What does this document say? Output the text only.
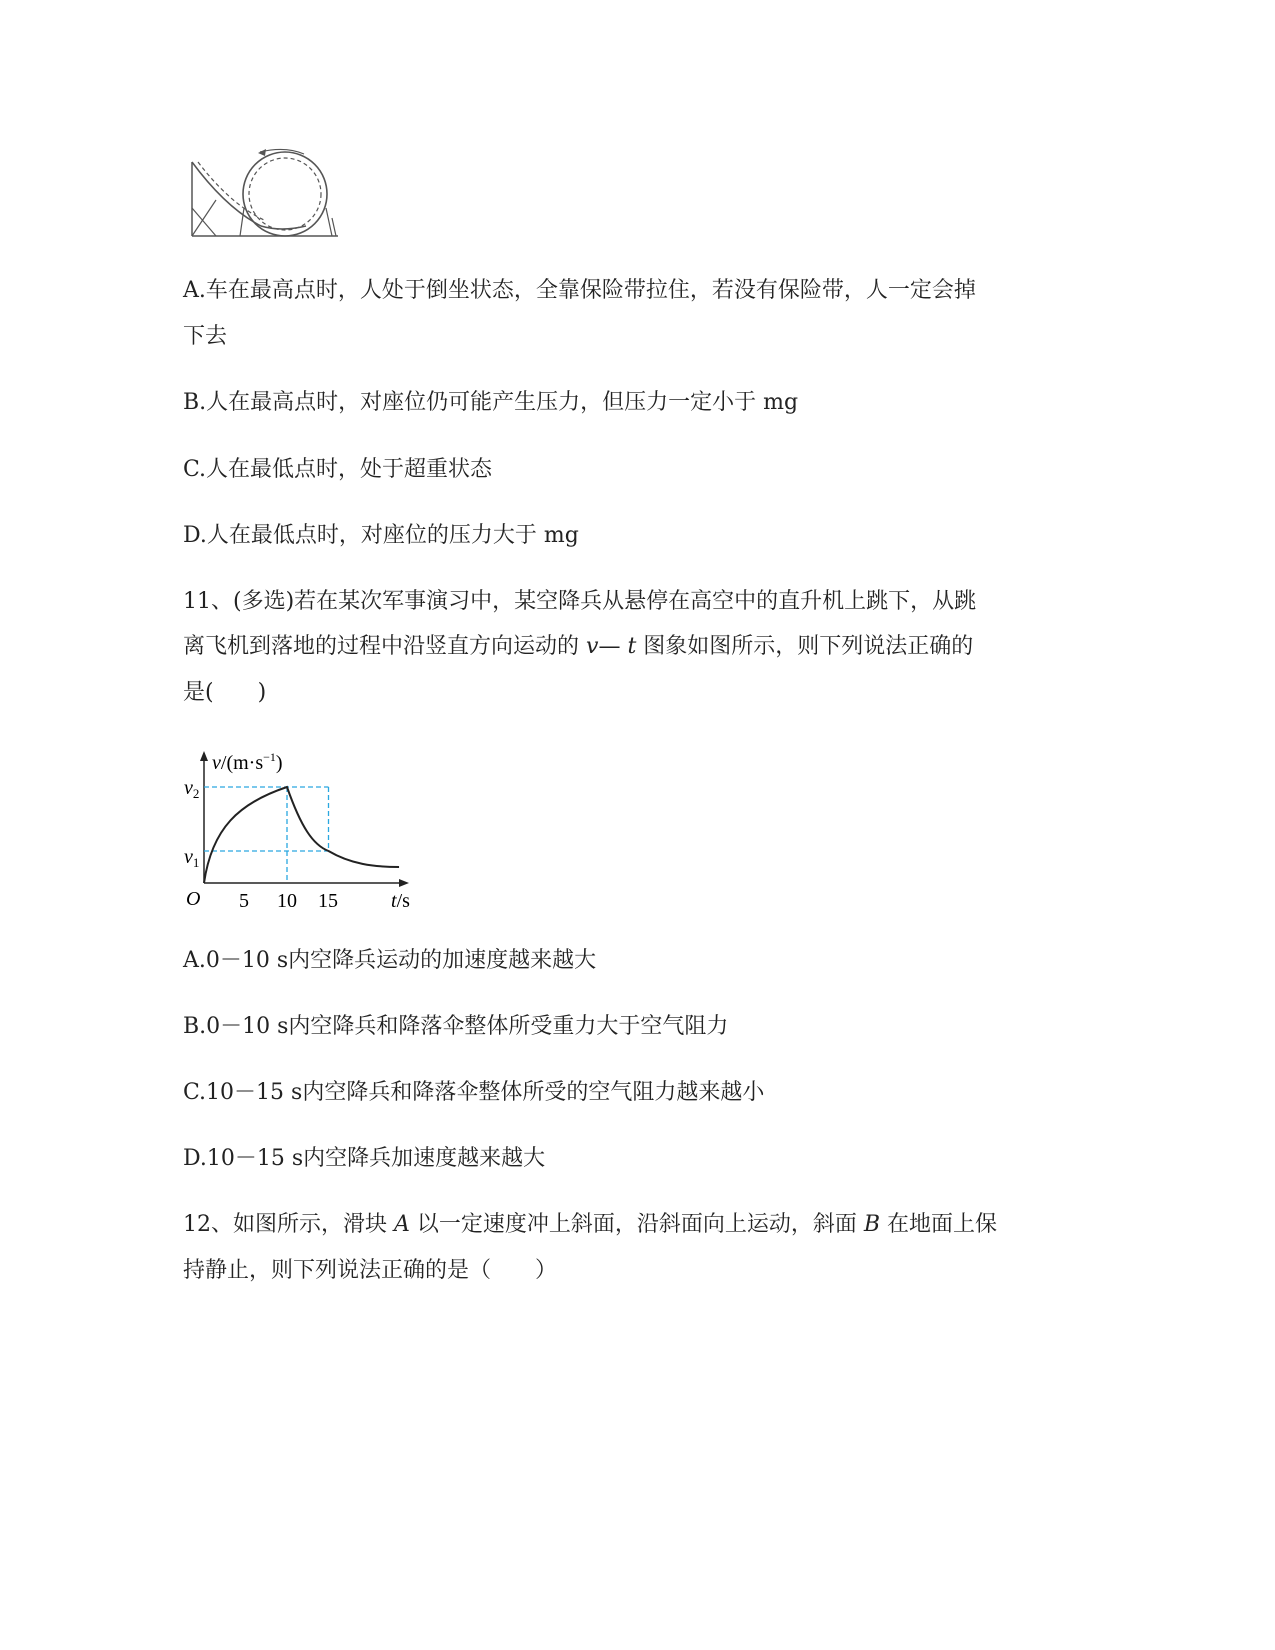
A.车在最高点时，人处于倒坐状态，全靠保险带拉住，若没有保险带，人一定会掉
下去
B.人在最高点时，对座位仍可能产生压力，但压力一定小于 mg
C.人在最低点时，处于超重状态
D.人在最低点时，对座位的压力大于 mg
11、(多选)若在某次军事演习中，某空降兵从悬停在高空中的直升机上跳下，从跳
离飞机到落地的过程中沿竖直方向运动的 v— t 图象如图所示，则下列说法正确的
是(　　)
$v/(m\cdot s^{-1})$
$v_2$
$v_1$
O 5 10 15	t/s
A.0－10 s内空降兵运动的加速度越来越大
B.0－10 s内空降兵和降落伞整体所受重力大于空气阻力
C.10－15 s内空降兵和降落伞整体所受的空气阻力越来越小
D.10－15 s内空降兵加速度越来越大
12、如图所示，滑块 A 以一定速度冲上斜面，沿斜面向上运动，斜面 B 在地面上保
持静止，则下列说法正确的是（　　）
